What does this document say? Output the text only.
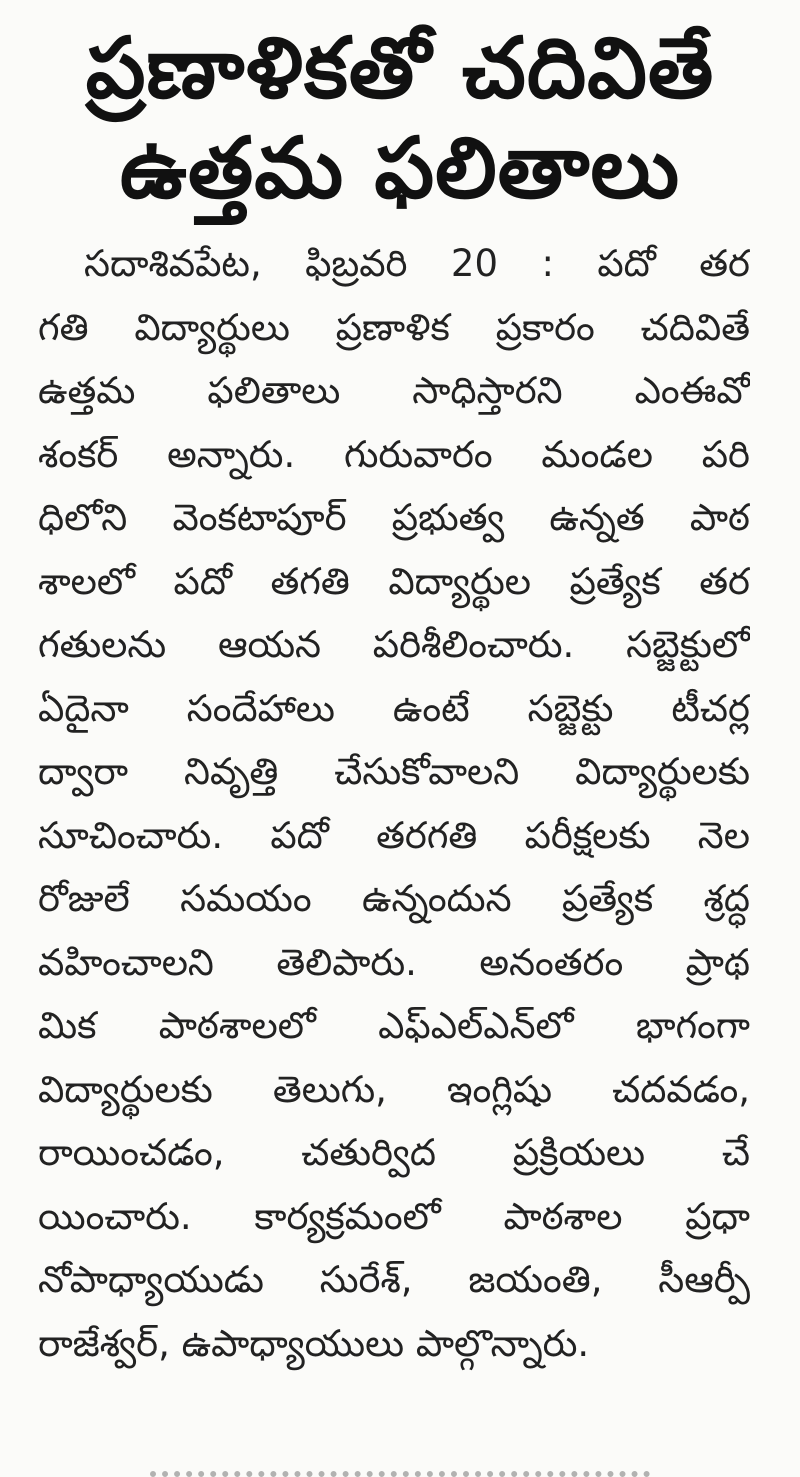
ప్రణాళికతో చదివితే
ఉత్తమ ఫలితాలు
సదాశివపేట, ఫిబ్రవరి 20 : పదో తర
గతి విద్యార్థులు ప్రణాళిక ప్రకారం చదివితే
ఉత్తమ ఫలితాలు సాధిస్తారని ఎంఈవో
శంకర్ అన్నారు. గురువారం మండల పరి
ధిలోని వెంకటాపూర్ ప్రభుత్వ ఉన్నత పాఠ
శాలలో పదో తగతి విద్యార్థుల ప్రత్యేక తర
గతులను ఆయన పరిశీలించారు. సబ్జెక్టులో
ఏదైనా సందేహాలు ఉంటే సబ్జెక్టు టీచర్ల
ద్వారా నివృత్తి చేసుకోవాలని విద్యార్థులకు
సూచించారు. పదో తరగతి పరీక్షలకు నెల
రోజులే సమయం ఉన్నందున ప్రత్యేక శ్రద్ధ
వహించాలని తెలిపారు. అనంతరం ప్రాథ
మిక పాఠశాలలో ఎఫ్ఎల్ఎన్‌లో భాగంగా
విద్యార్థులకు తెలుగు, ఇంగ్లిషు చదవడం,
రాయించడం, చతుర్విద ప్రక్రియలు చే
యించారు. కార్యక్రమంలో పాఠశాల ప్రధా
నోపాధ్యాయుడు సురేశ్, జయంతి, సీఆర్పీ
రాజేశ్వర్, ఉపాధ్యాయులు పాల్గొన్నారు.
